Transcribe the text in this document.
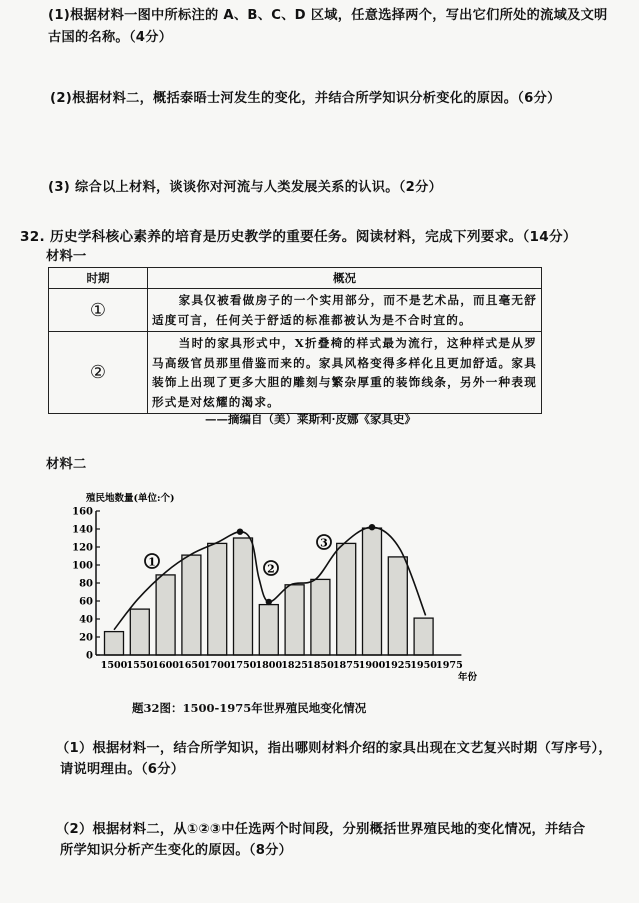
(1)根据材料一图中所标注的 A、B、C、D 区域，任意选择两个，写出它们所处的流域及文明
古国的名称。（4分）
(2)根据材料二，概括泰晤士河发生的变化，并结合所学知识分析变化的原因。（6分）
(3) 综合以上材料，谈谈你对河流与人类发展关系的认识。（2分）
32. 历史学科核心素养的培育是历史教学的重要任务。阅读材料，完成下列要求。（14分）
材料一
时期	概况
①	家具仅被看做房子的一个实用部分，而不是艺术品，而且毫无舒适度可言，任何关于舒适的标准都被认为是不合时宜的。
②	当时的家具形式中，X折叠椅的样式最为流行，这种样式是从罗马高级官员那里借鉴而来的。家具风格变得多样化且更加舒适。家具装饰上出现了更多大胆的雕刻与繁杂厚重的装饰线条，另外一种表现形式是对炫耀的渴求。
——摘编自（美）莱斯利·皮娜《家具史》
材料二
殖民地数量(单位:个)
0
20
40
60
80
100
120
140
160
1500 1550 1600 1650 1700 1750 1800 1825 1850 1875 1900 1925 1950 1975
1
2
3
年份
题32图：1500-1975年世界殖民地变化情况
（1）根据材料一，结合所学知识，指出哪则材料介绍的家具出现在文艺复兴时期（写序号），
请说明理由。（6分）
（2）根据材料二，从①②③中任选两个时间段，分别概括世界殖民地的变化情况，并结合
所学知识分析产生变化的原因。（8分）
